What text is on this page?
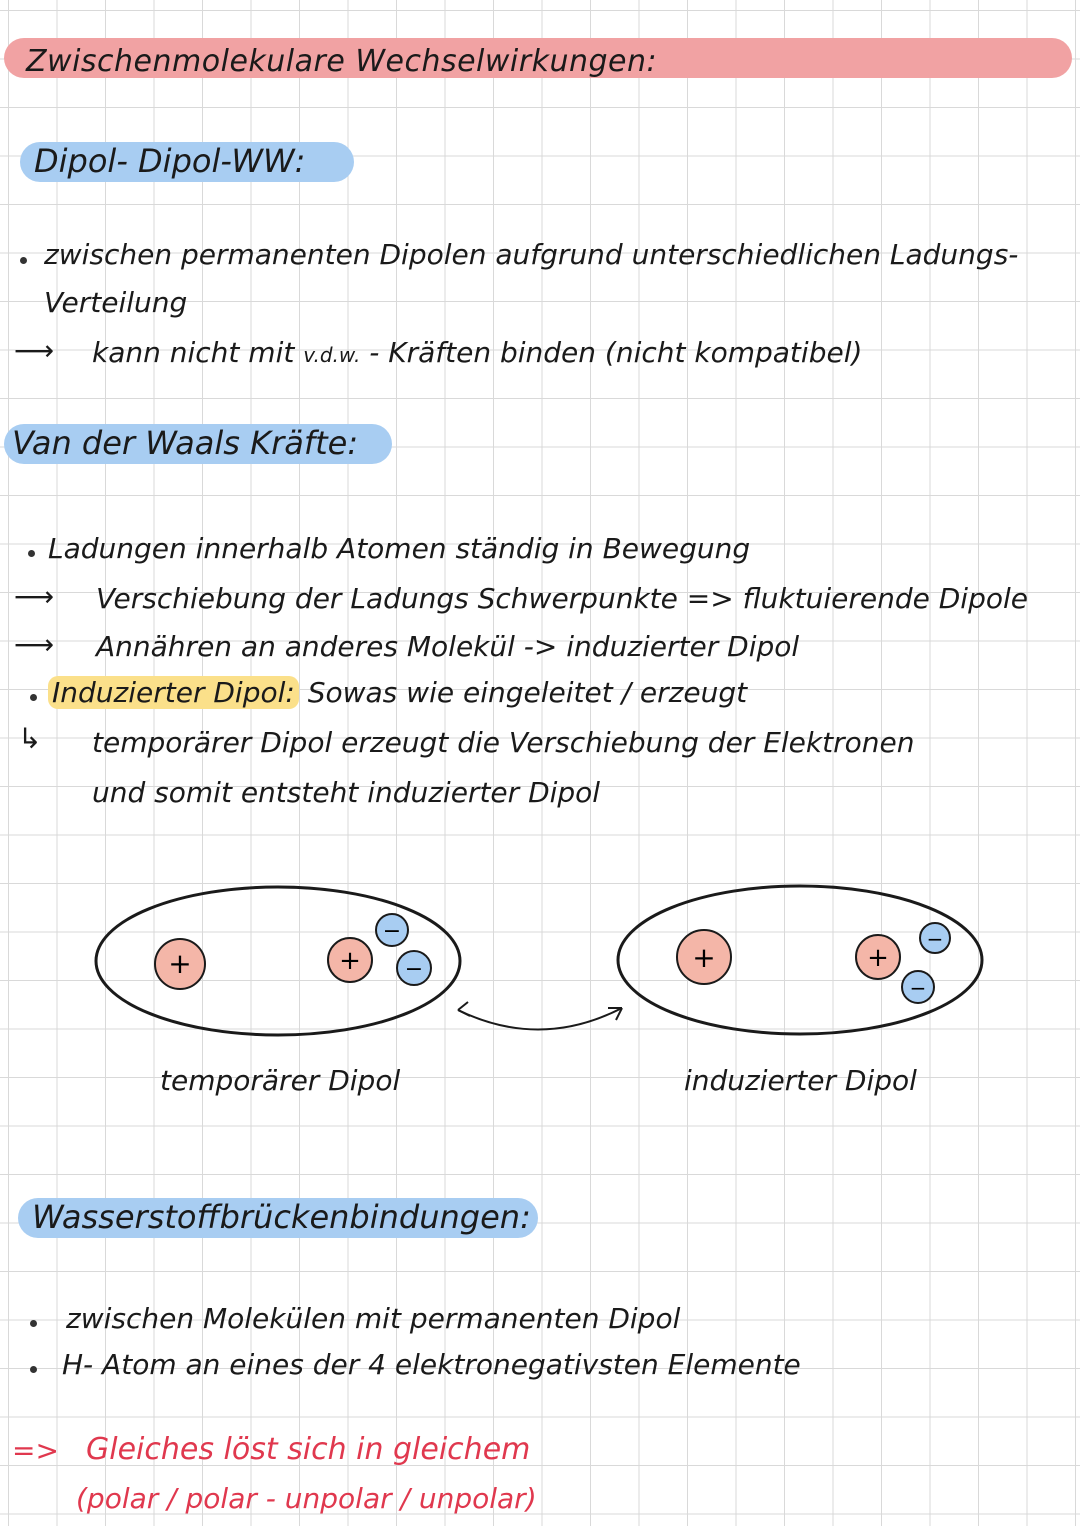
Zwischenmolekulare Wechselwirkungen:
Dipol- Dipol-WW:
zwischen permanenten Dipolen aufgrund unterschiedlichen Ladungs-
Verteilung
⟶ kann nicht mit v.d.w. - Kräften binden (nicht kompatibel)
Van der Waals Kräfte:
Ladungen innerhalb Atomen ständig in Bewegung
⟶ Verschiebung der Ladungs Schwerpunkte => fluktuierende Dipole
⟶ Annähren an anderes Molekül -> induzierter Dipol
Induzierter Dipol: Sowas wie eingeleitet / erzeugt
↳ temporärer Dipol erzeugt die Verschiebung der Elektronen
und somit entsteht induzierter Dipol
+	+
−
−	+	+
−
−
temporärer Dipol	induzierter Dipol
Wasserstoffbrückenbindungen:
zwischen Molekülen mit permanenten Dipol
H- Atom an eines der 4 elektronegativsten Elemente
=> Gleiches löst sich in gleichem
(polar / polar - unpolar / unpolar)
